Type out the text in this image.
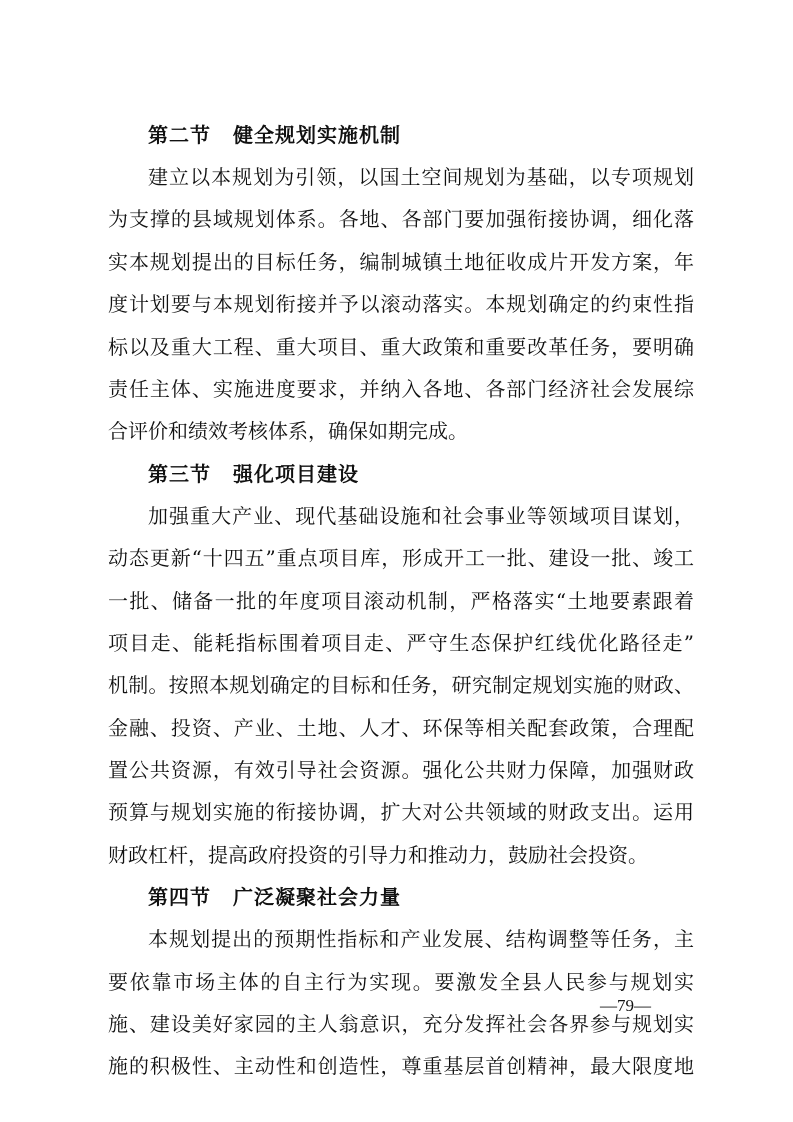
第二节 健全规划实施机制

建立以本规划为引领，以国土空间规划为基础，以专项规划
为支撑的县域规划体系。各地、各部门要加强衔接协调，细化落
实本规划提出的目标任务，编制城镇土地征收成片开发方案，年
度计划要与本规划衔接并予以滚动落实。本规划确定的约束性指
标以及重大工程、重大项目、重大政策和重要改革任务，要明确
责任主体、实施进度要求，并纳入各地、各部门经济社会发展综
合评价和绩效考核体系，确保如期完成。

第三节 强化项目建设

加强重大产业、现代基础设施和社会事业等领域项目谋划，
动态更新“十四五”重点项目库，形成开工一批、建设一批、竣工
一批、储备一批的年度项目滚动机制，严格落实“土地要素跟着
项目走、能耗指标围着项目走、严守生态保护红线优化路径走”
机制。按照本规划确定的目标和任务，研究制定规划实施的财政、
金融、投资、产业、土地、人才、环保等相关配套政策，合理配
置公共资源，有效引导社会资源。强化公共财力保障，加强财政
预算与规划实施的衔接协调，扩大对公共领域的财政支出。运用
财政杠杆，提高政府投资的引导力和推动力，鼓励社会投资。

第四节 广泛凝聚社会力量

本规划提出的预期性指标和产业发展、结构调整等任务，主
要依靠市场主体的自主行为实现。要激发全县人民参与规划实
施、建设美好家园的主人翁意识，充分发挥社会各界参与规划实
施的积极性、主动性和创造性，尊重基层首创精神，最大限度地

—79—
